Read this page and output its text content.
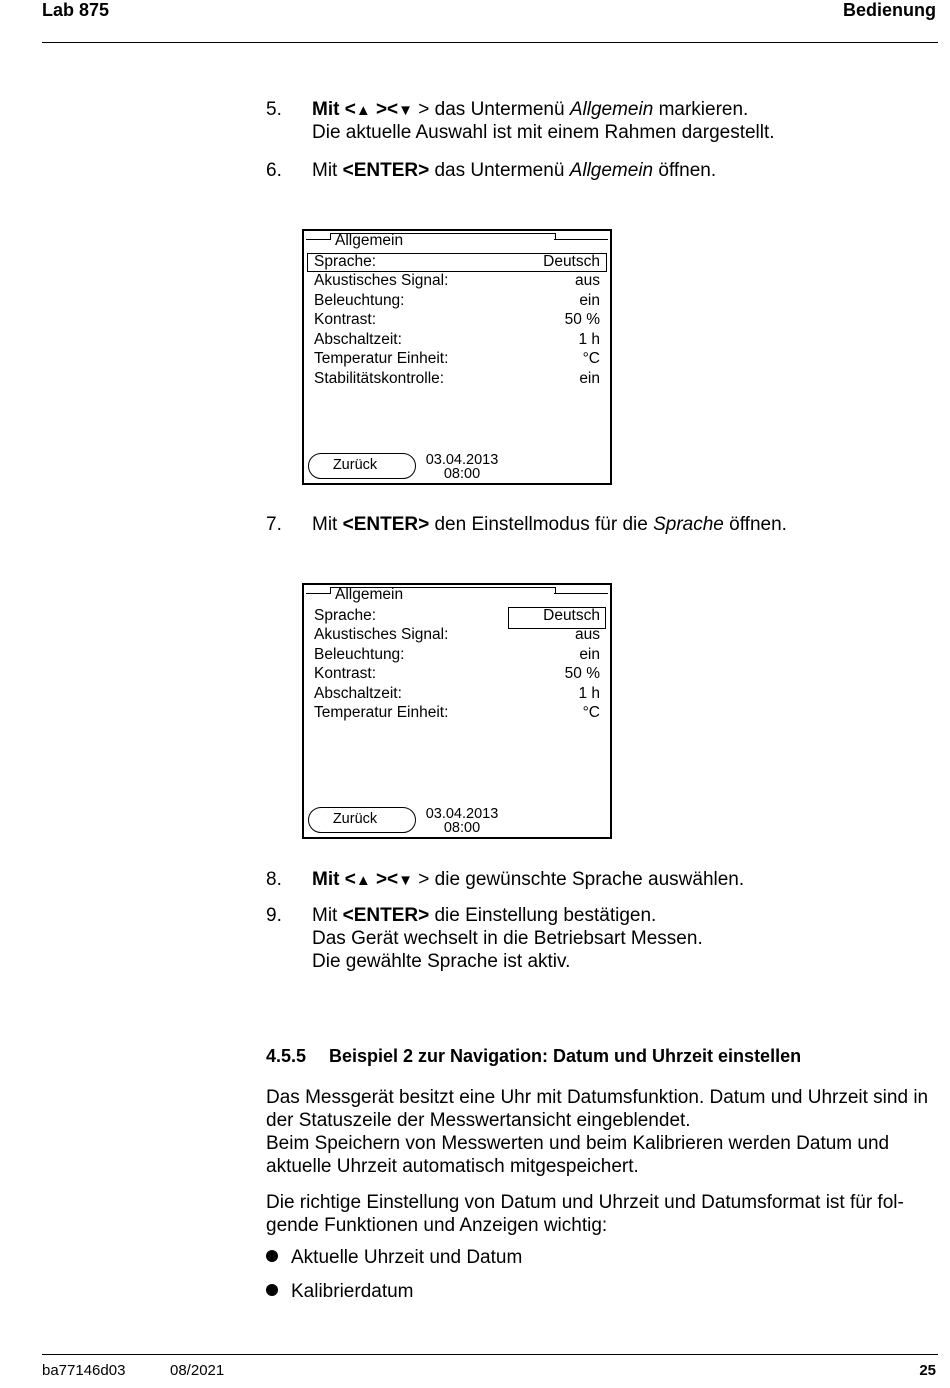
Lab 875	Bedienung
5. Mit <▲ ><▼ > das Untermenü Allgemein markieren.
Die aktuelle Auswahl ist mit einem Rahmen dargestellt.
6. Mit <ENTER> das Untermenü Allgemein öffnen.
Allgemein
Sprache:	Deutsch
Akustisches Signal:	aus
Beleuchtung:	ein
Kontrast:	50 %
Abschaltzeit:	1 h
Temperatur Einheit:	°C
Stabilitätskontrolle:	ein
Zurück	03.04.2013
08:00
7. Mit <ENTER> den Einstellmodus für die Sprache öffnen.
Allgemein
Sprache:	Deutsch
Akustisches Signal:	aus
Beleuchtung:	ein
Kontrast:	50 %
Abschaltzeit:	1 h
Temperatur Einheit:	°C
Zurück	03.04.2013
08:00
8. Mit <▲ ><▼ > die gewünschte Sprache auswählen.
9. Mit <ENTER> die Einstellung bestätigen.
Das Gerät wechselt in die Betriebsart Messen.
Die gewählte Sprache ist aktiv.
4.5.5 Beispiel 2 zur Navigation: Datum und Uhrzeit einstellen
Das Messgerät besitzt eine Uhr mit Datumsfunktion. Datum und Uhrzeit sind in
der Statuszeile der Messwertansicht eingeblendet.
Beim Speichern von Messwerten und beim Kalibrieren werden Datum und
aktuelle Uhrzeit automatisch mitgespeichert.
Die richtige Einstellung von Datum und Uhrzeit und Datumsformat ist für fol-
gende Funktionen und Anzeigen wichtig:
Aktuelle Uhrzeit und Datum
Kalibrierdatum
ba77146d03	08/2021	25
